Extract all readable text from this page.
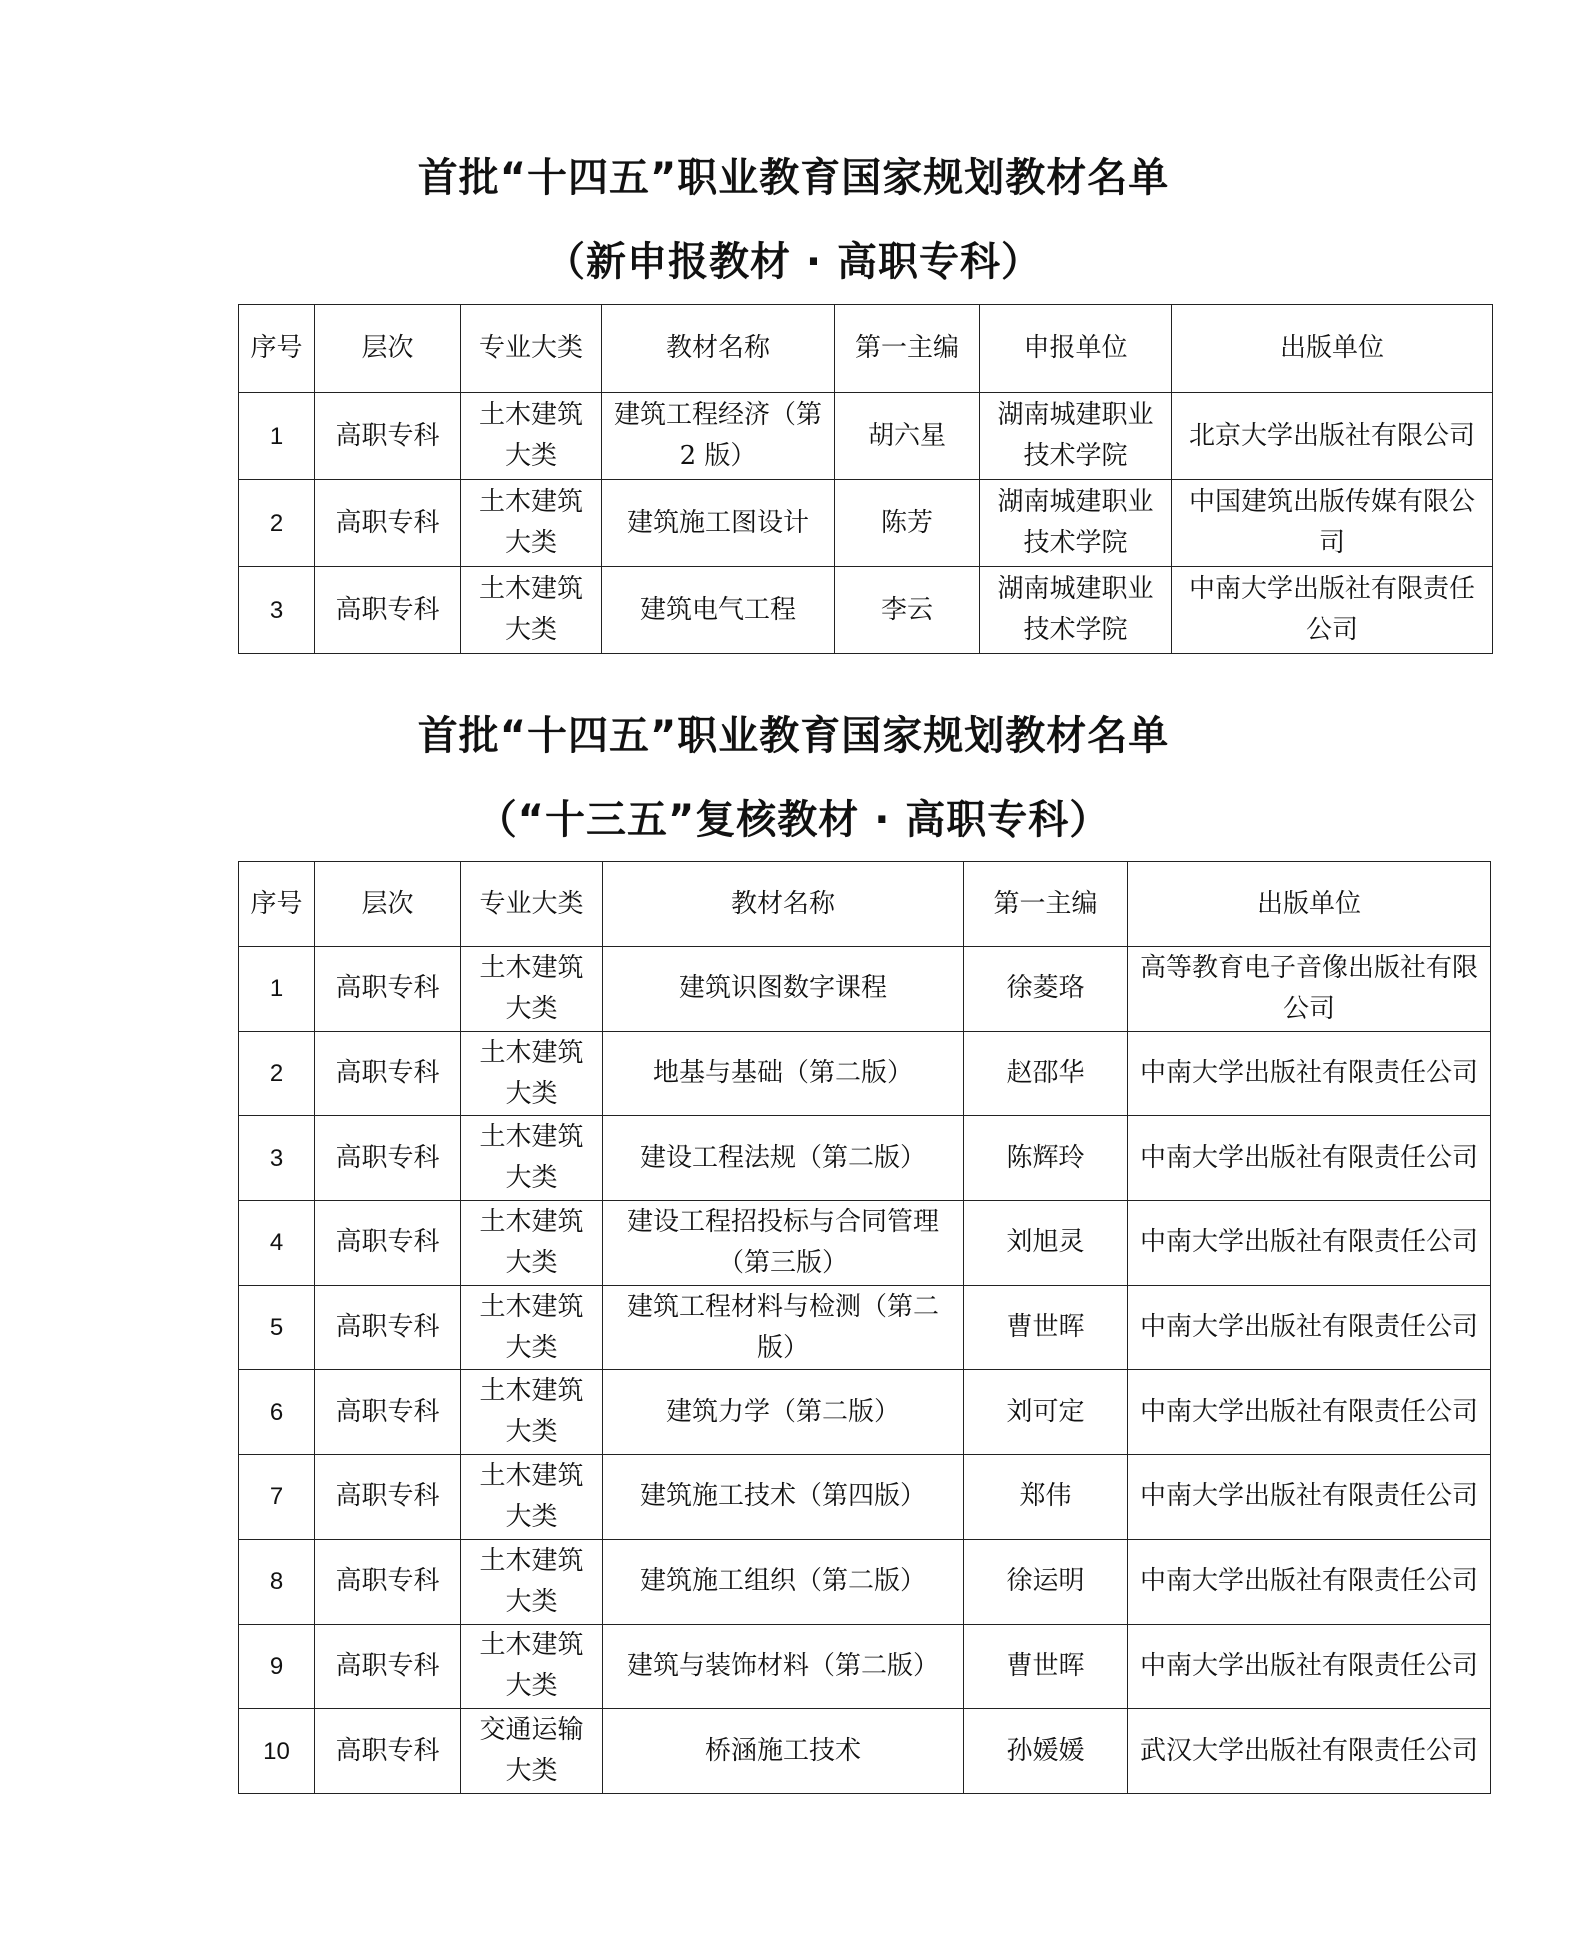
首批“十四五”职业教育国家规划教材名单
（新申报教材 · 高职专科）
序号	层次	专业大类	教材名称	第一主编	申报单位	出版单位
1	高职专科	土木建筑大类	建筑工程经济（第 2 版）	胡六星	湖南城建职业技术学院	北京大学出版社有限公司
2	高职专科	土木建筑大类	建筑施工图设计	陈芳	湖南城建职业技术学院	中国建筑出版传媒有限公司
3	高职专科	土木建筑大类	建筑电气工程	李云	湖南城建职业技术学院	中南大学出版社有限责任公司
首批“十四五”职业教育国家规划教材名单
（“十三五”复核教材 · 高职专科）
序号	层次	专业大类	教材名称	第一主编	出版单位
1	高职专科	土木建筑大类	建筑识图数字课程	徐菱珞	高等教育电子音像出版社有限公司
2	高职专科	土木建筑大类	地基与基础（第二版）	赵邵华	中南大学出版社有限责任公司
3	高职专科	土木建筑大类	建设工程法规（第二版）	陈辉玲	中南大学出版社有限责任公司
4	高职专科	土木建筑大类	建设工程招投标与合同管理（第三版）	刘旭灵	中南大学出版社有限责任公司
5	高职专科	土木建筑大类	建筑工程材料与检测（第二版）	曹世晖	中南大学出版社有限责任公司
6	高职专科	土木建筑大类	建筑力学（第二版）	刘可定	中南大学出版社有限责任公司
7	高职专科	土木建筑大类	建筑施工技术（第四版）	郑伟	中南大学出版社有限责任公司
8	高职专科	土木建筑大类	建筑施工组织（第二版）	徐运明	中南大学出版社有限责任公司
9	高职专科	土木建筑大类	建筑与装饰材料（第二版）	曹世晖	中南大学出版社有限责任公司
10	高职专科	交通运输大类	桥涵施工技术	孙媛媛	武汉大学出版社有限责任公司
